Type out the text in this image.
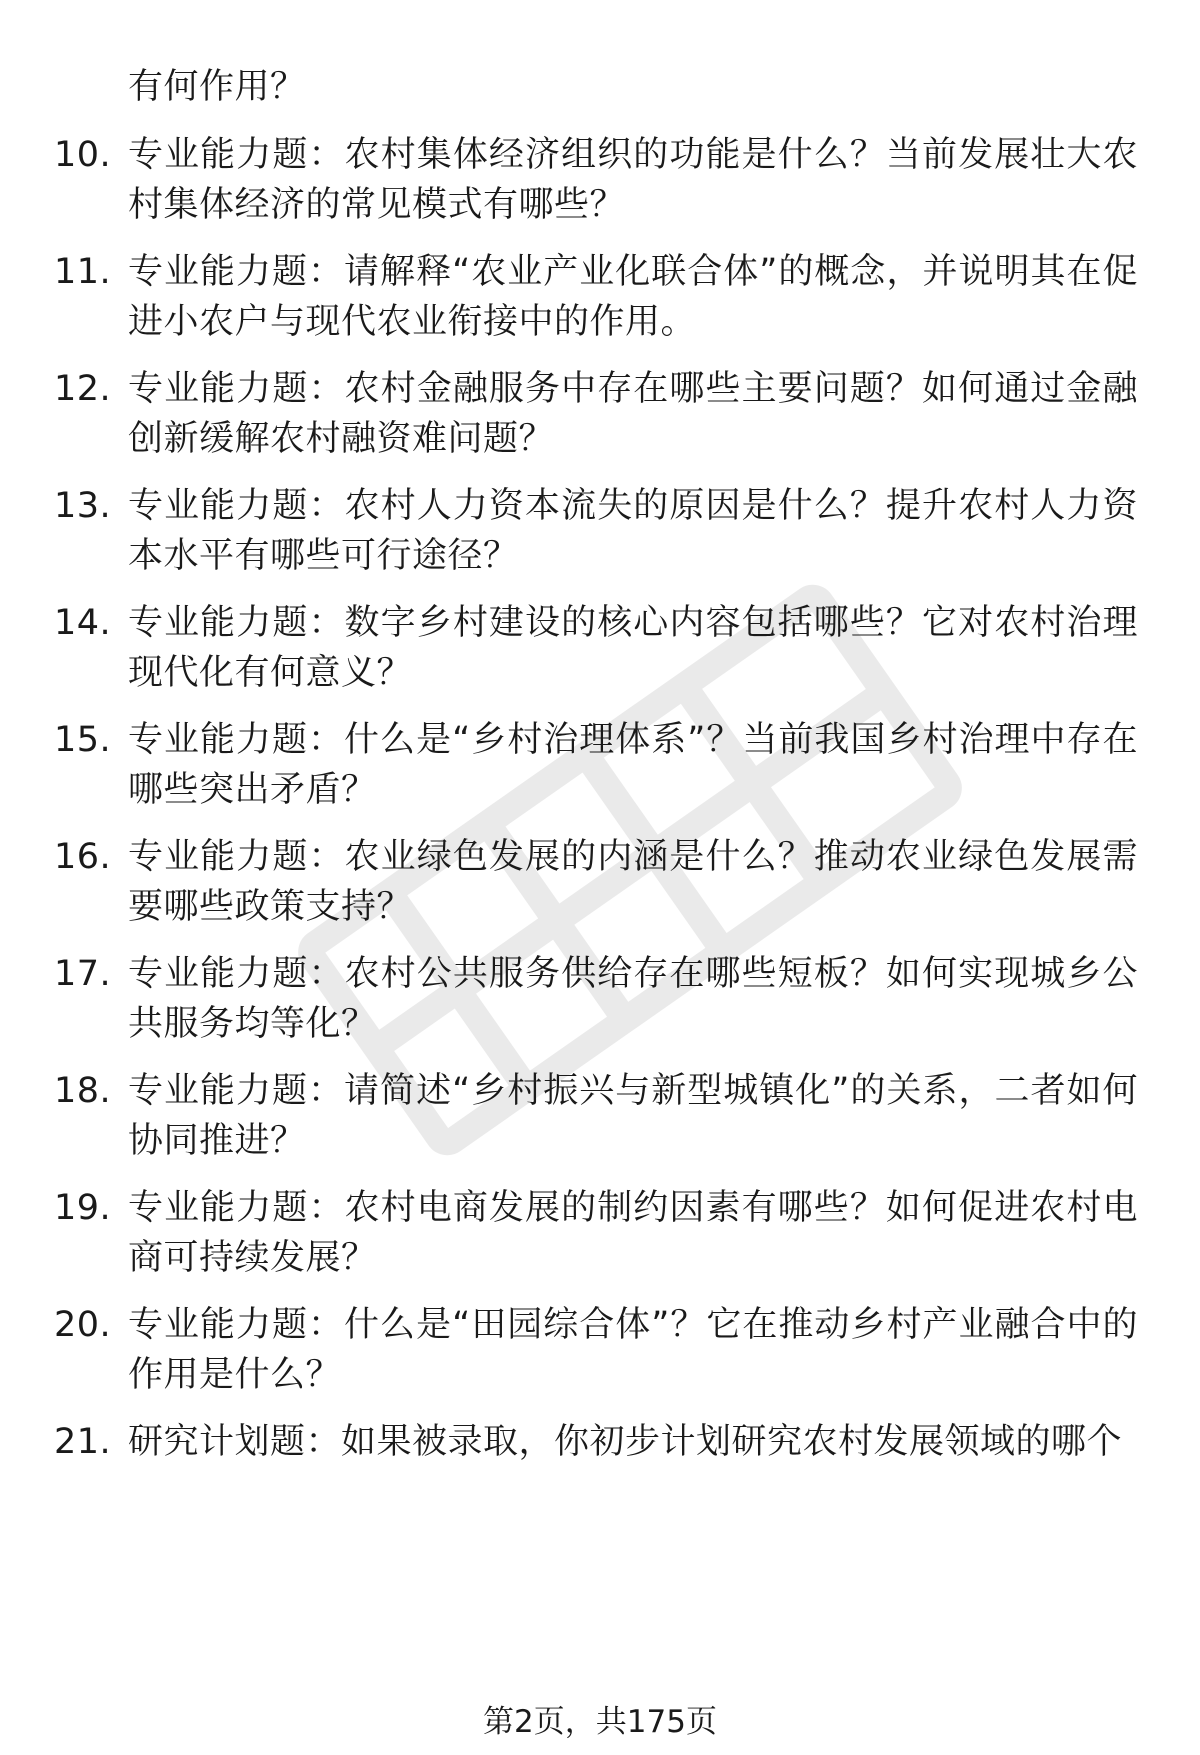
有何作用？
10. 专业能力题：农村集体经济组织的功能是什么？当前发展壮大农村集体经济的常见模式有哪些？
11. 专业能力题：请解释“农业产业化联合体”的概念，并说明其在促进小农户与现代农业衔接中的作用。
12. 专业能力题：农村金融服务中存在哪些主要问题？如何通过金融创新缓解农村融资难问题？
13. 专业能力题：农村人力资本流失的原因是什么？提升农村人力资本水平有哪些可行途径？
14. 专业能力题：数字乡村建设的核心内容包括哪些？它对农村治理现代化有何意义？
15. 专业能力题：什么是“乡村治理体系”？当前我国乡村治理中存在哪些突出矛盾？
16. 专业能力题：农业绿色发展的内涵是什么？推动农业绿色发展需要哪些政策支持？
17. 专业能力题：农村公共服务供给存在哪些短板？如何实现城乡公共服务均等化？
18. 专业能力题：请简述“乡村振兴与新型城镇化”的关系，二者如何协同推进？
19. 专业能力题：农村电商发展的制约因素有哪些？如何促进农村电商可持续发展？
20. 专业能力题：什么是“田园综合体”？它在推动乡村产业融合中的作用是什么？
21. 研究计划题：如果被录取，你初步计划研究农村发展领域的哪个
第2页，共175页
